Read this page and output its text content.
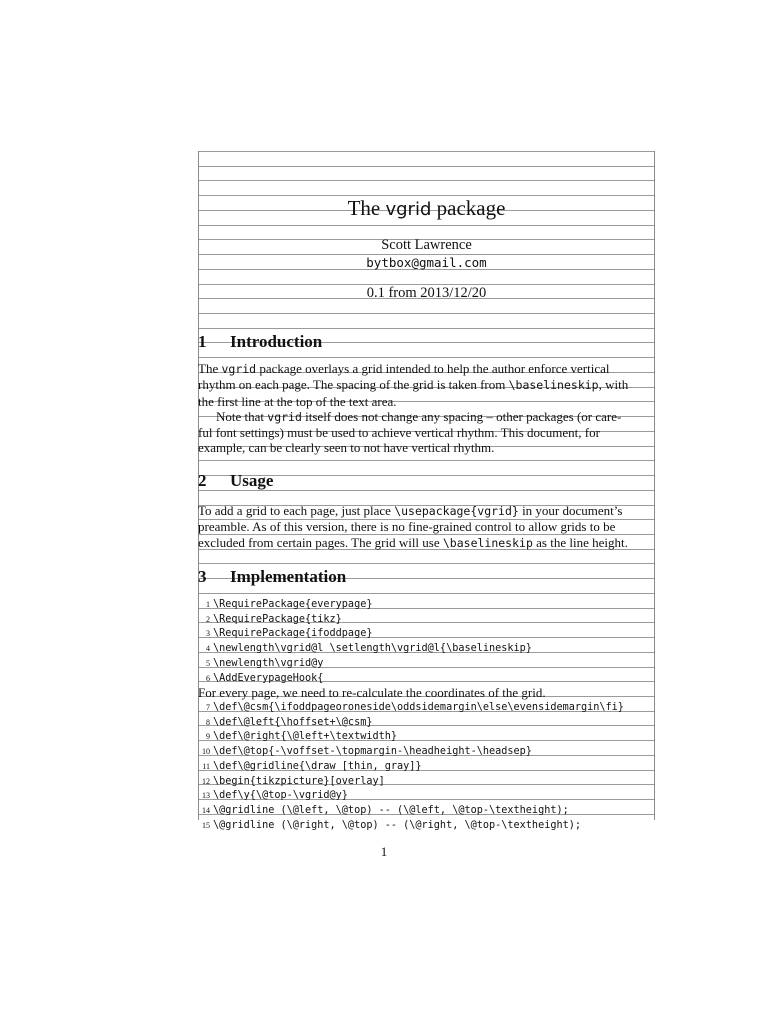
The vgrid package
Scott Lawrence
bytbox@gmail.com
0.1 from 2013/12/20
1 Introduction
The vgrid package overlays a grid intended to help the author enforce vertical
rhythm on each page. The spacing of the grid is taken from \baselineskip, with
the first line at the top of the text area.
Note that vgrid itself does not change any spacing – other packages (or care-
ful font settings) must be used to achieve vertical rhythm. This document, for
example, can be clearly seen to not have vertical rhythm.
2 Usage
To add a grid to each page, just place \usepackage{vgrid} in your document’s
preamble. As of this version, there is no fine-grained control to allow grids to be
excluded from certain pages. The grid will use \baselineskip as the line height.
3 Implementation
1 \RequirePackage{everypage}
2 \RequirePackage{tikz}
3 \RequirePackage{ifoddpage}
4 \newlength\vgrid@l \setlength\vgrid@l{\baselineskip}
5 \newlength\vgrid@y
6 \AddEverypageHook{
For every page, we need to re-calculate the coordinates of the grid.
7 \def\@csm{\ifoddpageoroneside\oddsidemargin\else\evensidemargin\fi}
8 \def\@left{\hoffset+\@csm}
9 \def\@right{\@left+\textwidth}
10 \def\@top{-\voffset-\topmargin-\headheight-\headsep}
11 \def\@gridline{\draw [thin, gray]}
12 \begin{tikzpicture}[overlay]
13 \def\y{\@top-\vgrid@y}
14 \@gridline (\@left, \@top) -- (\@left, \@top-\textheight);
15 \@gridline (\@right, \@top) -- (\@right, \@top-\textheight);
1
